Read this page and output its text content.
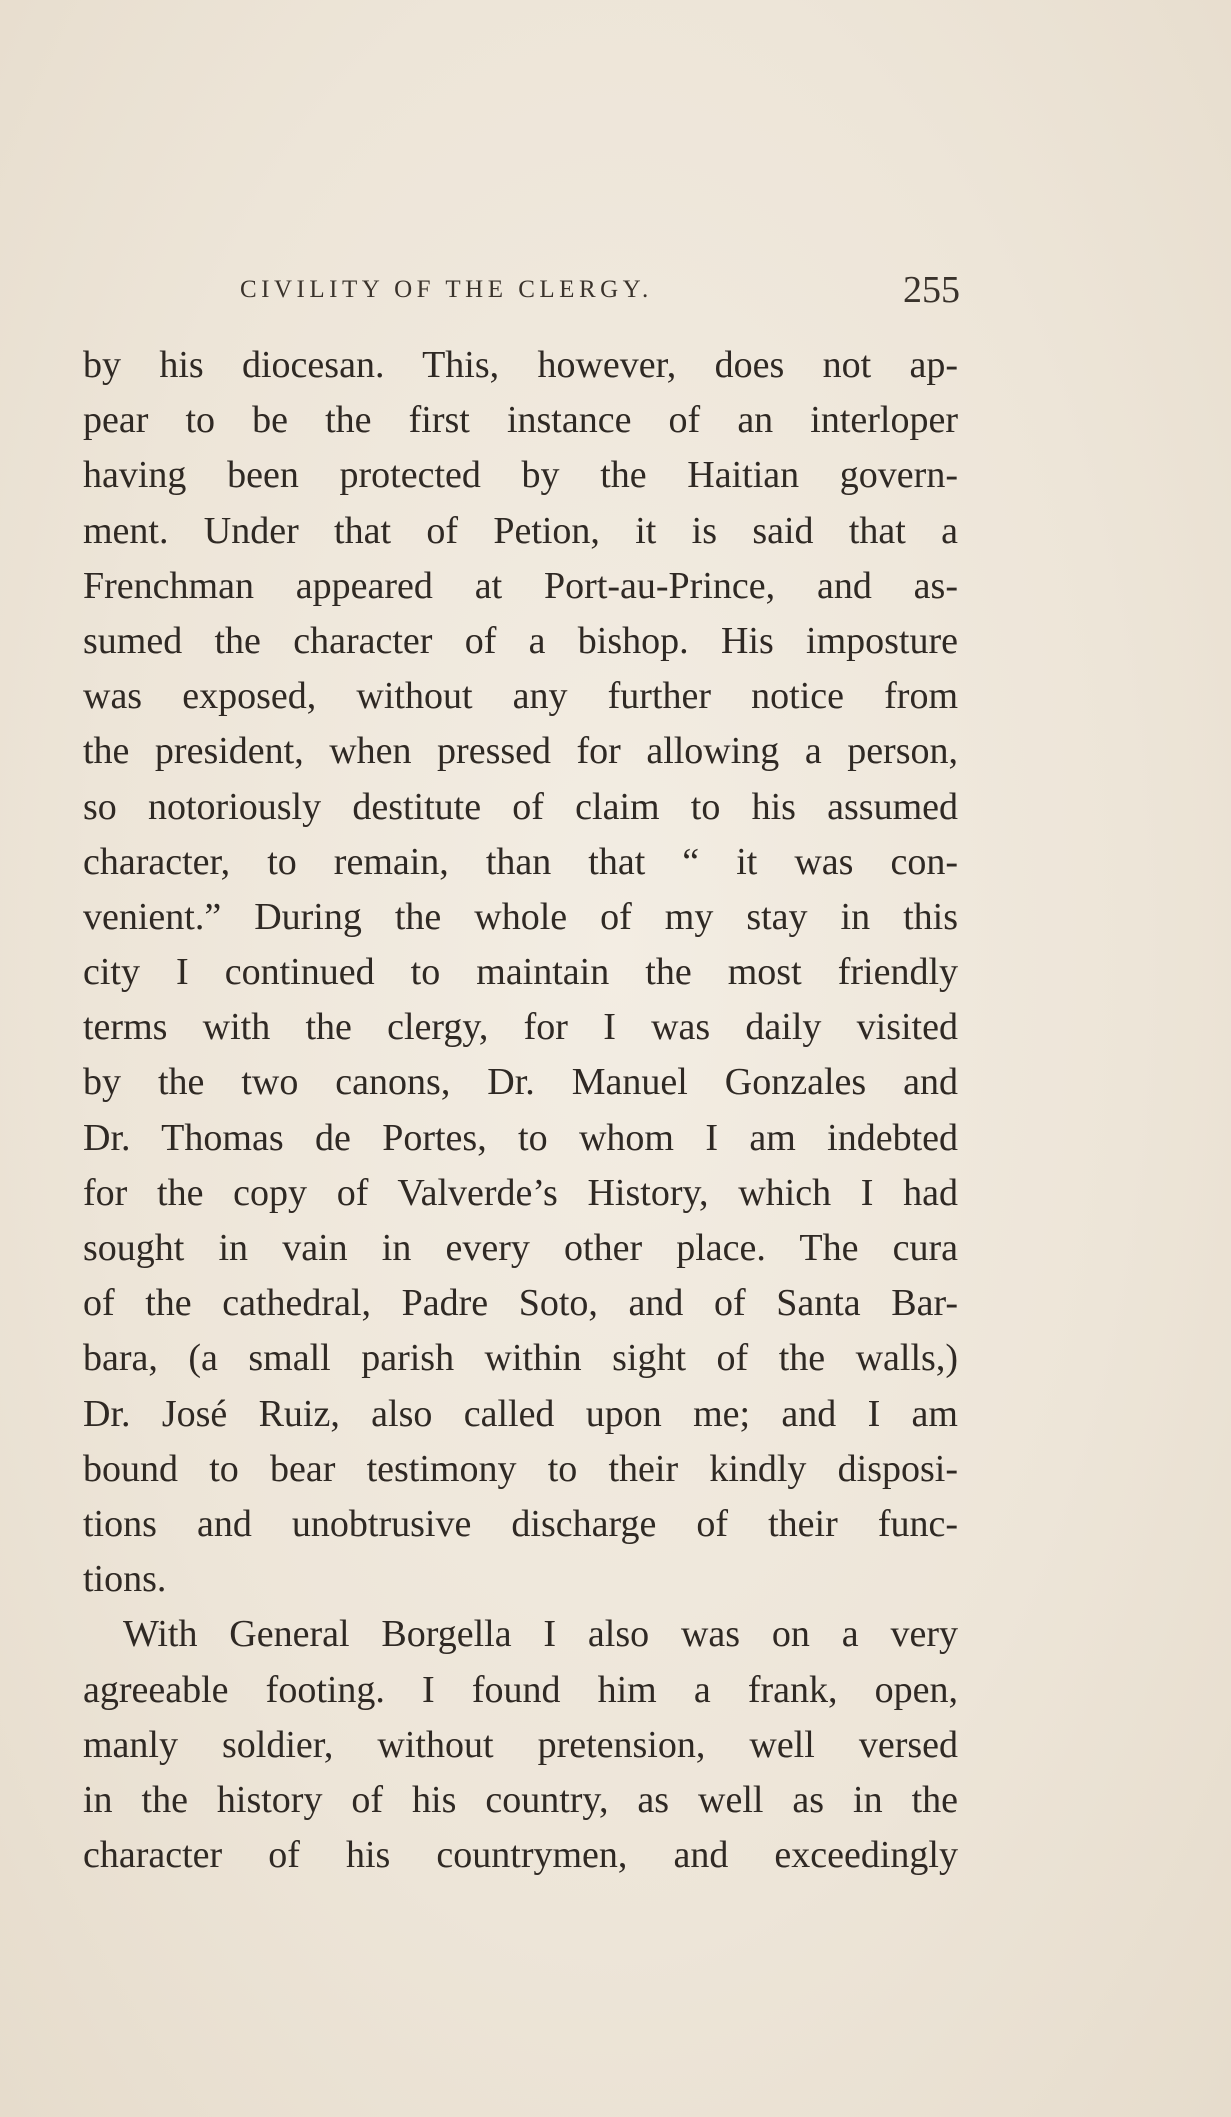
CIVILITY OF THE CLERGY.	255
by his diocesan. This, however, does not ap-
pear to be the first instance of an interloper
having been protected by the Haitian govern-
ment. Under that of Petion, it is said that a
Frenchman appeared at Port-au-Prince, and as-
sumed the character of a bishop. His imposture
was exposed, without any further notice from
the president, when pressed for allowing a person,
so notoriously destitute of claim to his assumed
character, to remain, than that “ it was con-
venient.” During the whole of my stay in this
city I continued to maintain the most friendly
terms with the clergy, for I was daily visited
by the two canons, Dr. Manuel Gonzales and
Dr. Thomas de Portes, to whom I am indebted
for the copy of Valverde’s History, which I had
sought in vain in every other place. The cura
of the cathedral, Padre Soto, and of Santa Bar-
bara, (a small parish within sight of the walls,)
Dr. José Ruiz, also called upon me; and I am
bound to bear testimony to their kindly disposi-
tions and unobtrusive discharge of their func-
tions.
With General Borgella I also was on a very
agreeable footing. I found him a frank, open,
manly soldier, without pretension, well versed
in the history of his country, as well as in the
character of his countrymen, and exceedingly
